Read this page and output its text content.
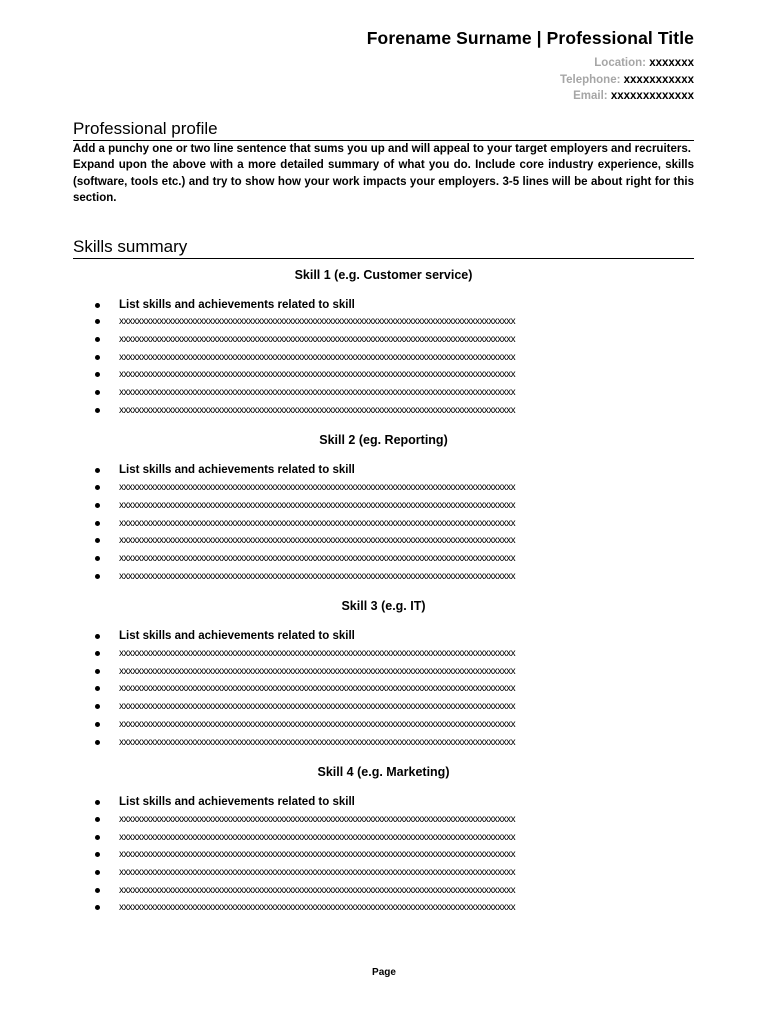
Forename Surname | Professional Title
Location: xxxxxxx
Telephone: xxxxxxxxxxx
Email: xxxxxxxxxxxxx
Professional profile

Add a punchy one or two line sentence that sums you up and will appeal to your target employers and recruiters.

Expand upon the above with a more detailed summary of what you do. Include core industry experience, skills (software, tools etc.) and try to show how your work impacts your employers. 3-5 lines will be about right for this section.

Skills summary
Skill 1 (e.g. Customer service)
List skills and achievements related to skill
xxxxxxxxxxxxxxxxxxxxxxxxxxxxxxxxxxxxxxxxxxxxxxxxxxxxxxxxxxxxxxxxxxxxxxxxxxxxxxxxxxxxxxxxx
xxxxxxxxxxxxxxxxxxxxxxxxxxxxxxxxxxxxxxxxxxxxxxxxxxxxxxxxxxxxxxxxxxxxxxxxxxxxxxxxxxxxxxxxx
xxxxxxxxxxxxxxxxxxxxxxxxxxxxxxxxxxxxxxxxxxxxxxxxxxxxxxxxxxxxxxxxxxxxxxxxxxxxxxxxxxxxxxxxx
xxxxxxxxxxxxxxxxxxxxxxxxxxxxxxxxxxxxxxxxxxxxxxxxxxxxxxxxxxxxxxxxxxxxxxxxxxxxxxxxxxxxxxxxx
xxxxxxxxxxxxxxxxxxxxxxxxxxxxxxxxxxxxxxxxxxxxxxxxxxxxxxxxxxxxxxxxxxxxxxxxxxxxxxxxxxxxxxxxx
xxxxxxxxxxxxxxxxxxxxxxxxxxxxxxxxxxxxxxxxxxxxxxxxxxxxxxxxxxxxxxxxxxxxxxxxxxxxxxxxxxxxxxxxx
Skill 2 (eg. Reporting)
List skills and achievements related to skill
xxxxxxxxxxxxxxxxxxxxxxxxxxxxxxxxxxxxxxxxxxxxxxxxxxxxxxxxxxxxxxxxxxxxxxxxxxxxxxxxxxxxxxxxx
xxxxxxxxxxxxxxxxxxxxxxxxxxxxxxxxxxxxxxxxxxxxxxxxxxxxxxxxxxxxxxxxxxxxxxxxxxxxxxxxxxxxxxxxx
xxxxxxxxxxxxxxxxxxxxxxxxxxxxxxxxxxxxxxxxxxxxxxxxxxxxxxxxxxxxxxxxxxxxxxxxxxxxxxxxxxxxxxxxx
xxxxxxxxxxxxxxxxxxxxxxxxxxxxxxxxxxxxxxxxxxxxxxxxxxxxxxxxxxxxxxxxxxxxxxxxxxxxxxxxxxxxxxxxx
xxxxxxxxxxxxxxxxxxxxxxxxxxxxxxxxxxxxxxxxxxxxxxxxxxxxxxxxxxxxxxxxxxxxxxxxxxxxxxxxxxxxxxxxx
xxxxxxxxxxxxxxxxxxxxxxxxxxxxxxxxxxxxxxxxxxxxxxxxxxxxxxxxxxxxxxxxxxxxxxxxxxxxxxxxxxxxxxxxx
Skill 3 (e.g. IT)
List skills and achievements related to skill
xxxxxxxxxxxxxxxxxxxxxxxxxxxxxxxxxxxxxxxxxxxxxxxxxxxxxxxxxxxxxxxxxxxxxxxxxxxxxxxxxxxxxxxxx
xxxxxxxxxxxxxxxxxxxxxxxxxxxxxxxxxxxxxxxxxxxxxxxxxxxxxxxxxxxxxxxxxxxxxxxxxxxxxxxxxxxxxxxxx
xxxxxxxxxxxxxxxxxxxxxxxxxxxxxxxxxxxxxxxxxxxxxxxxxxxxxxxxxxxxxxxxxxxxxxxxxxxxxxxxxxxxxxxxx
xxxxxxxxxxxxxxxxxxxxxxxxxxxxxxxxxxxxxxxxxxxxxxxxxxxxxxxxxxxxxxxxxxxxxxxxxxxxxxxxxxxxxxxxx
xxxxxxxxxxxxxxxxxxxxxxxxxxxxxxxxxxxxxxxxxxxxxxxxxxxxxxxxxxxxxxxxxxxxxxxxxxxxxxxxxxxxxxxxx
xxxxxxxxxxxxxxxxxxxxxxxxxxxxxxxxxxxxxxxxxxxxxxxxxxxxxxxxxxxxxxxxxxxxxxxxxxxxxxxxxxxxxxxxx
Skill 4 (e.g. Marketing)
List skills and achievements related to skill
xxxxxxxxxxxxxxxxxxxxxxxxxxxxxxxxxxxxxxxxxxxxxxxxxxxxxxxxxxxxxxxxxxxxxxxxxxxxxxxxxxxxxxxxx
xxxxxxxxxxxxxxxxxxxxxxxxxxxxxxxxxxxxxxxxxxxxxxxxxxxxxxxxxxxxxxxxxxxxxxxxxxxxxxxxxxxxxxxxx
xxxxxxxxxxxxxxxxxxxxxxxxxxxxxxxxxxxxxxxxxxxxxxxxxxxxxxxxxxxxxxxxxxxxxxxxxxxxxxxxxxxxxxxxx
xxxxxxxxxxxxxxxxxxxxxxxxxxxxxxxxxxxxxxxxxxxxxxxxxxxxxxxxxxxxxxxxxxxxxxxxxxxxxxxxxxxxxxxxx
xxxxxxxxxxxxxxxxxxxxxxxxxxxxxxxxxxxxxxxxxxxxxxxxxxxxxxxxxxxxxxxxxxxxxxxxxxxxxxxxxxxxxxxxx
xxxxxxxxxxxxxxxxxxxxxxxxxxxxxxxxxxxxxxxxxxxxxxxxxxxxxxxxxxxxxxxxxxxxxxxxxxxxxxxxxxxxxxxxx
Page
